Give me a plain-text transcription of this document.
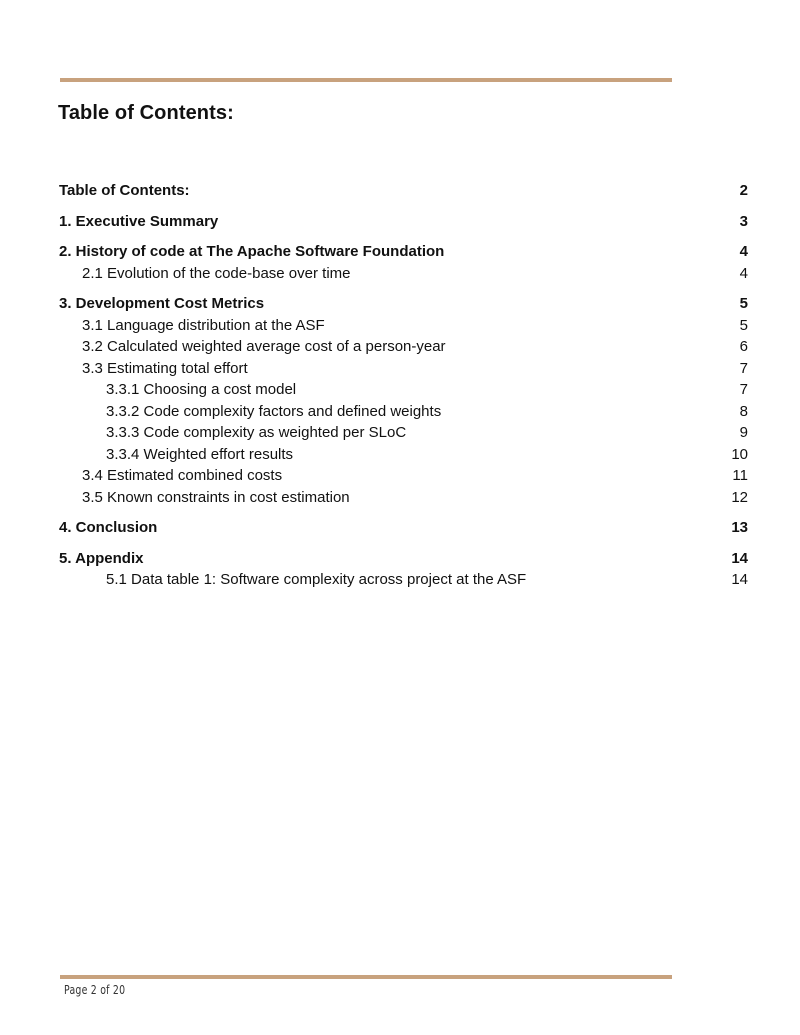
Table of Contents:
Table of Contents:	2
1. Executive Summary	3
2. History of code at The Apache Software Foundation	4
2.1 Evolution of the code-base over time	4
3. Development Cost Metrics	5
3.1 Language distribution at the ASF	5
3.2 Calculated weighted average cost of a person-year	6
3.3 Estimating total effort	7
3.3.1 Choosing a cost model	7
3.3.2 Code complexity factors and defined weights	8
3.3.3 Code complexity as weighted per SLoC	9
3.3.4 Weighted effort results	10
3.4 Estimated combined costs	11
3.5 Known constraints in cost estimation	12
4. Conclusion	13
5. Appendix	14
5.1 Data table 1: Software complexity across project at the ASF	14
Page 2 of 20
